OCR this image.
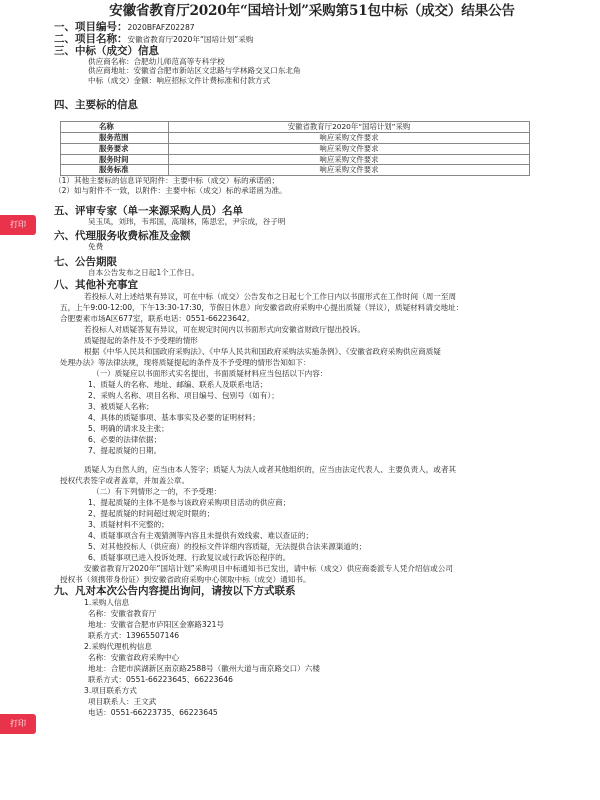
打印
打印
安徽省教育厅2020年“国培计划”采购第51包中标（成交）结果公告
一、项目编号：2020BFAFZ02287
二、项目名称：安徽省教育厅2020年“国培计划”采购
三、中标（成交）信息
供应商名称：合肥幼儿师范高等专科学校
供应商地址：安徽省合肥市新站区文忠路与学林路交叉口东北角
中标（成交）金额：响应招标文件计费标准和付款方式
四、主要标的信息
名称	安徽省教育厅2020年“国培计划”采购
服务范围	响应采购文件要求
服务要求	响应采购文件要求
服务时间	响应采购文件要求
服务标准	响应采购文件要求
（1）其他主要标的信息详见附件：主要中标（成交）标的承诺函；
（2）如与附件不一致，以附件：主要中标（成交）标的承诺函为准。
五、评审专家（单一来源采购人员）名单
吴玉凤，刘玮，韦邦国，高瑞林，陈思宏，尹宗成，谷子明
六、代理服务收费标准及金额
免费
七、公告期限
自本公告发布之日起1个工作日。
八、其他补充事宜
若投标人对上述结果有异议，可在中标（成交）公告发布之日起七个工作日内以书面形式在工作时间（周一至周
五，上午9:00-12:00，下午13:30-17:30，节假日休息）向安徽省政府采购中心提出质疑（异议），质疑材料请交地址：
合肥要素市场A区677室，联系电话：0551-66223642。
若投标人对质疑答复有异议，可在规定时间内以书面形式向安徽省财政厅提出投诉。
质疑提起的条件及不予受理的情形
根据《中华人民共和国政府采购法》、《中华人民共和国政府采购法实施条例》、《安徽省政府采购供应商质疑
处理办法》等法律法规，现将质疑提起的条件及不予受理的情形告知如下：
（一）质疑应以书面形式实名提出，书面质疑材料应当包括以下内容：
1、质疑人的名称、地址、邮编、联系人及联系电话；
2、采购人名称、项目名称、项目编号、包别号（如有）；
3、被质疑人名称；
4、具体的质疑事项、基本事实及必要的证明材料；
5、明确的请求及主张；
6、必要的法律依据；
7、提起质疑的日期。
质疑人为自然人的，应当由本人签字；质疑人为法人或者其他组织的，应当由法定代表人、主要负责人，或者其
授权代表签字或者盖章，并加盖公章。
（二）有下列情形之一的，不予受理：
1、提起质疑的主体不是参与该政府采购项目活动的供应商；
2、提起质疑的时间超过规定时限的；
3、质疑材料不完整的；
4、质疑事项含有主观猜测等内容且未提供有效线索、难以查证的；
5、对其他投标人（供应商）的投标文件详细内容质疑，无法提供合法来源渠道的；
6、质疑事项已进入投诉处理、行政复议或行政诉讼程序的。
安徽省教育厅2020年“国培计划”采购项目中标通知书已发出，请中标（成交）供应商委派专人凭介绍信或公司
授权书（须携带身份证）到安徽省政府采购中心领取中标（成交）通知书。
九、凡对本次公告内容提出询问，请按以下方式联系
1.采购人信息
名称：安徽省教育厅
地址：安徽省合肥市庐阳区金寨路321号
联系方式：13965507146
2.采购代理机构信息
名称：安徽省政府采购中心
地址：合肥市滨湖新区南京路2588号（徽州大道与南京路交口）六楼
联系方式：0551-66223645、66223646
3.项目联系方式
项目联系人：王文武
电话：0551-66223735、66223645
